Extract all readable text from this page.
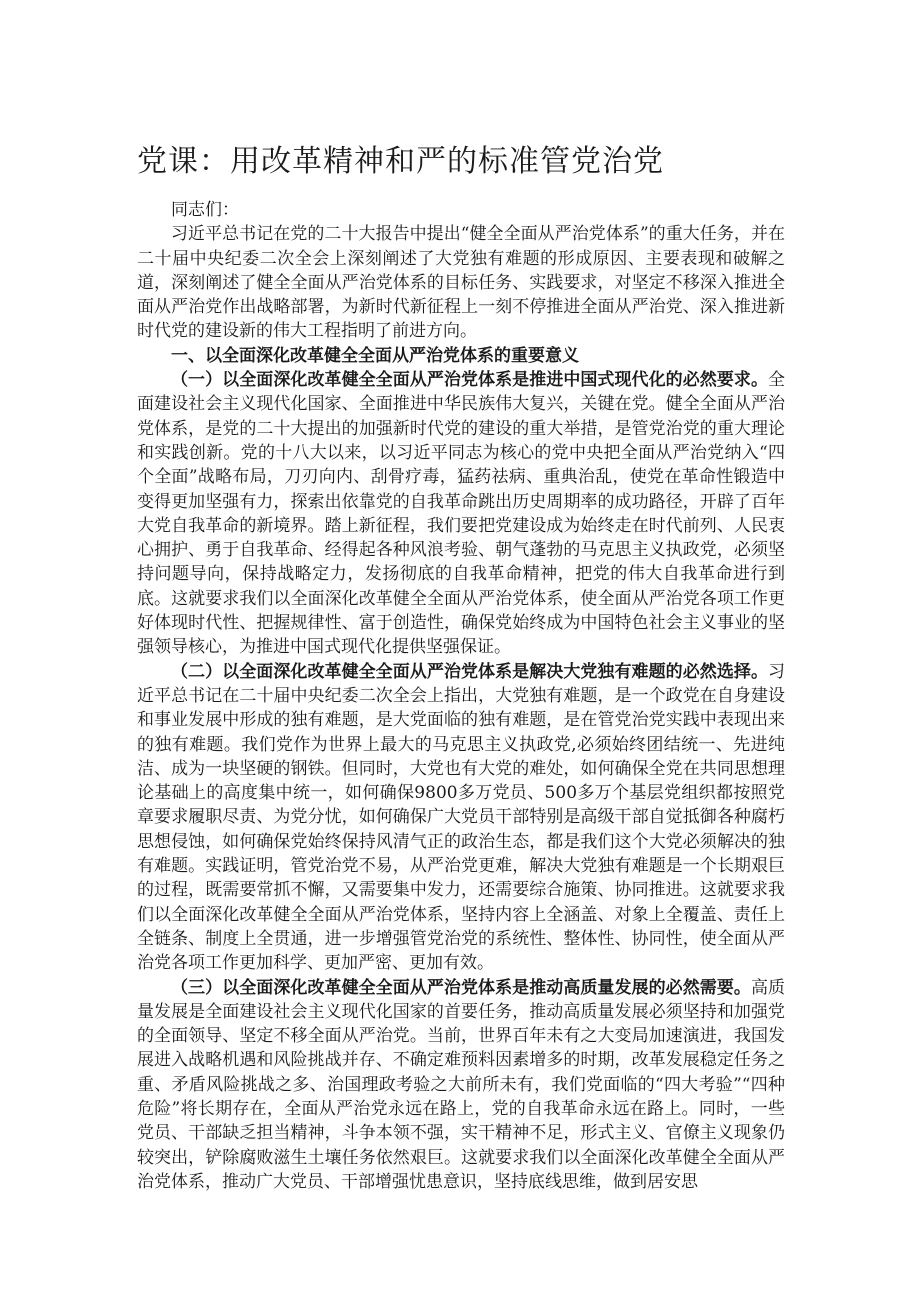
党课：用改革精神和严的标准管党治党

同志们：

习近平总书记在党的二十大报告中提出“健全全面从严治党体系”的重大任务，并在二十届中央纪委二次全会上深刻阐述了大党独有难题的形成原因、主要表现和破解之道，深刻阐述了健全全面从严治党体系的目标任务、实践要求，对坚定不移深入推进全面从严治党作出战略部署，为新时代新征程上一刻不停推进全面从严治党、深入推进新时代党的建设新的伟大工程指明了前进方向。

一、以全面深化改革健全全面从严治党体系的重要意义

（一）以全面深化改革健全全面从严治党体系是推进中国式现代化的必然要求。全面建设社会主义现代化国家、全面推进中华民族伟大复兴，关键在党。健全全面从严治党体系，是党的二十大提出的加强新时代党的建设的重大举措，是管党治党的重大理论和实践创新。党的十八大以来，以习近平同志为核心的党中央把全面从严治党纳入“四个全面”战略布局，刀刃向内、刮骨疗毒，猛药祛病、重典治乱，使党在革命性锻造中变得更加坚强有力，探索出依靠党的自我革命跳出历史周期率的成功路径，开辟了百年大党自我革命的新境界。踏上新征程，我们要把党建设成为始终走在时代前列、人民衷心拥护、勇于自我革命、经得起各种风浪考验、朝气蓬勃的马克思主义执政党，必须坚持问题导向，保持战略定力，发扬彻底的自我革命精神，把党的伟大自我革命进行到底。这就要求我们以全面深化改革健全全面从严治党体系，使全面从严治党各项工作更好体现时代性、把握规律性、富于创造性，确保党始终成为中国特色社会主义事业的坚强领导核心，为推进中国式现代化提供坚强保证。

（二）以全面深化改革健全全面从严治党体系是解决大党独有难题的必然选择。习近平总书记在二十届中央纪委二次全会上指出，大党独有难题，是一个政党在自身建设和事业发展中形成的独有难题，是大党面临的独有难题，是在管党治党实践中表现出来的独有难题。我们党作为世界上最大的马克思主义执政党,必须始终团结统一、先进纯洁、成为一块坚硬的钢铁。但同时，大党也有大党的难处，如何确保全党在共同思想理论基础上的高度集中统一，如何确保9800多万党员、500多万个基层党组织都按照党章要求履职尽责、为党分忧，如何确保广大党员干部特别是高级干部自觉抵御各种腐朽思想侵蚀，如何确保党始终保持风清气正的政治生态，都是我们这个大党必须解决的独有难题。实践证明，管党治党不易，从严治党更难，解决大党独有难题是一个长期艰巨的过程，既需要常抓不懈，又需要集中发力，还需要综合施策、协同推进。这就要求我们以全面深化改革健全全面从严治党体系，坚持内容上全涵盖、对象上全覆盖、责任上全链条、制度上全贯通，进一步增强管党治党的系统性、整体性、协同性，使全面从严治党各项工作更加科学、更加严密、更加有效。

（三）以全面深化改革健全全面从严治党体系是推动高质量发展的必然需要。高质量发展是全面建设社会主义现代化国家的首要任务，推动高质量发展必须坚持和加强党的全面领导、坚定不移全面从严治党。当前，世界百年未有之大变局加速演进，我国发展进入战略机遇和风险挑战并存、不确定难预料因素增多的时期，改革发展稳定任务之重、矛盾风险挑战之多、治国理政考验之大前所未有，我们党面临的“四大考验”“四种危险”将长期存在，全面从严治党永远在路上，党的自我革命永远在路上。同时，一些党员、干部缺乏担当精神，斗争本领不强，实干精神不足，形式主义、官僚主义现象仍较突出，铲除腐败滋生土壤任务依然艰巨。这就要求我们以全面深化改革健全全面从严治党体系，推动广大党员、干部增强忧患意识，坚持底线思维，做到居安思
